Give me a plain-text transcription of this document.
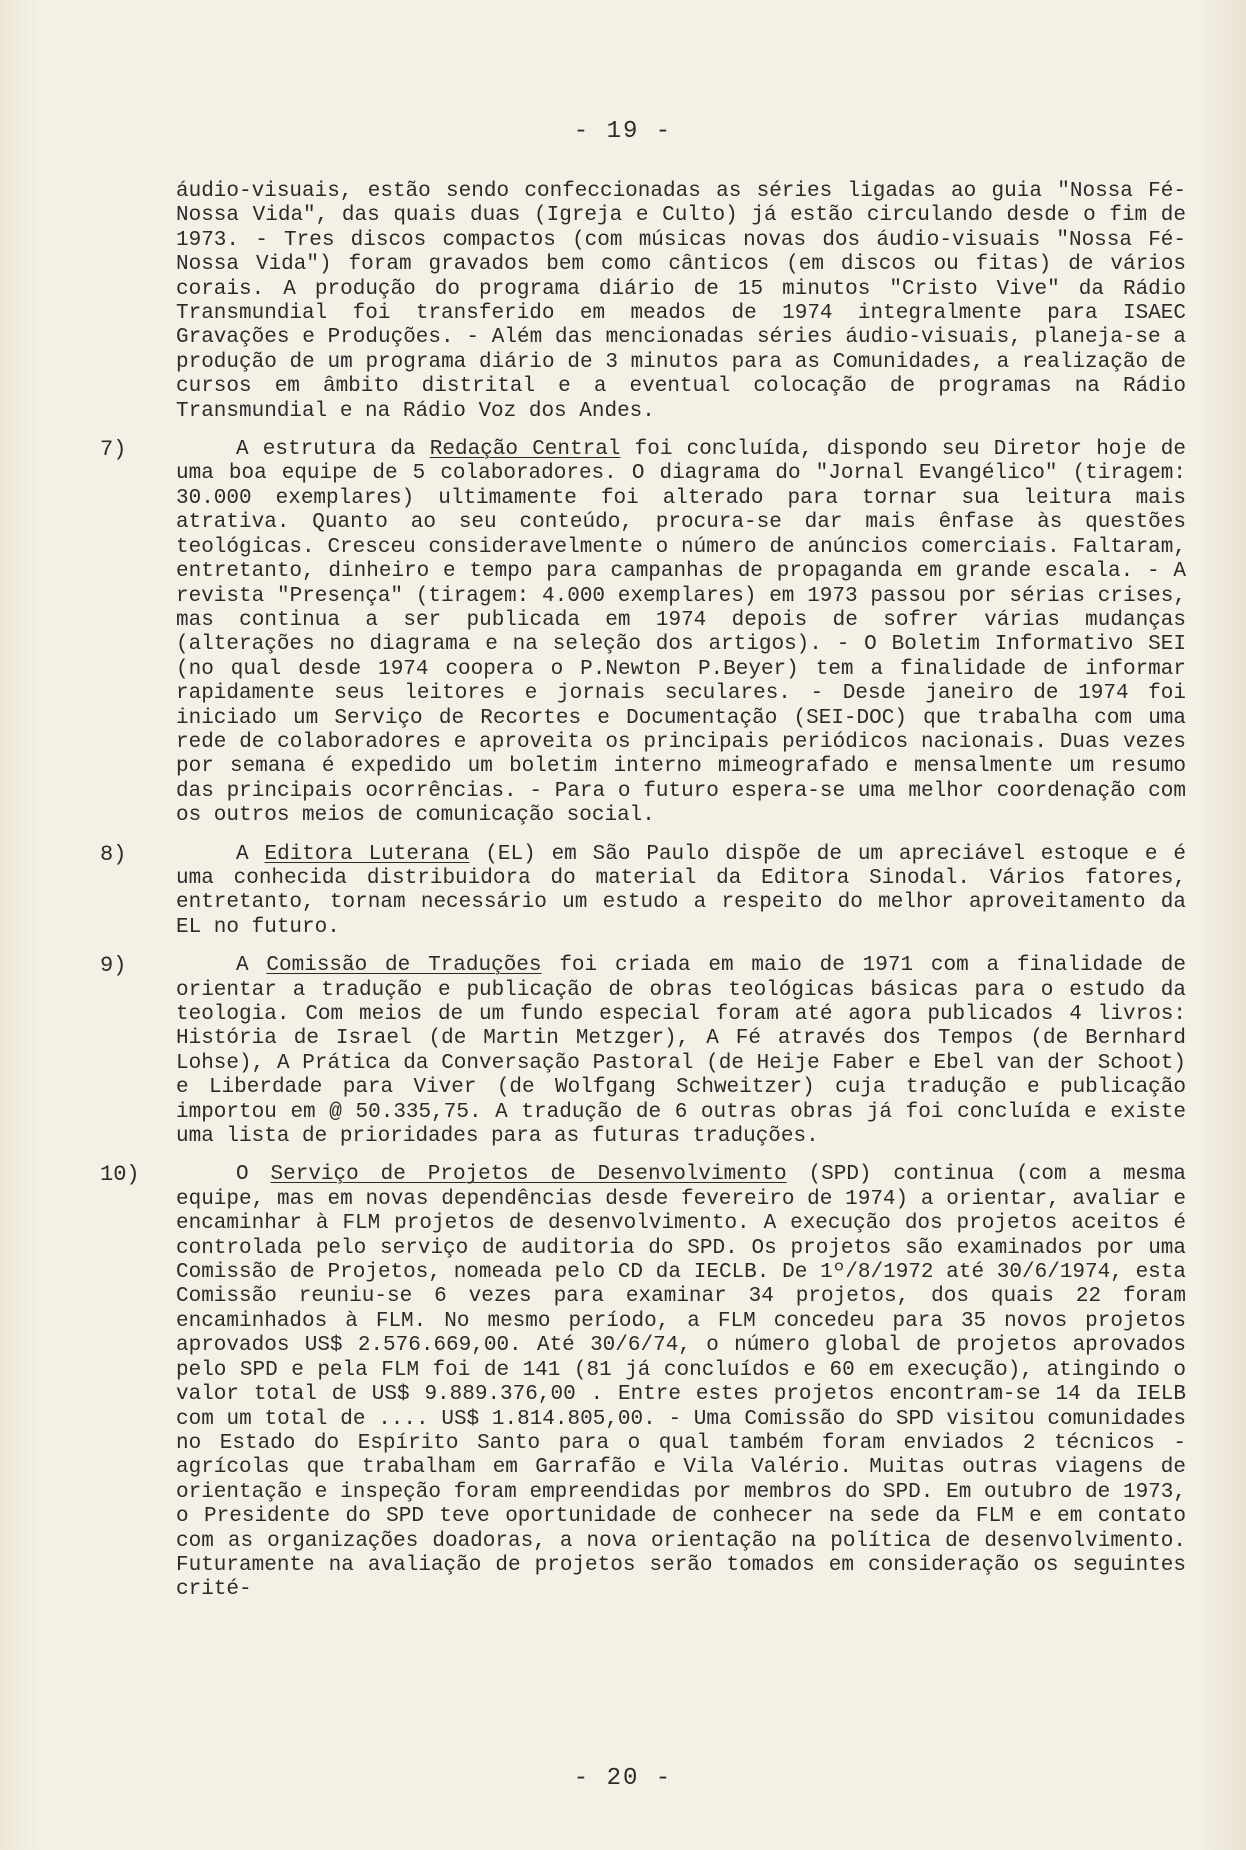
- 19 -
áudio-visuais, estão sendo confeccionadas as séries ligadas ao guia "Nossa Fé-Nossa Vida", das quais duas (Igreja e Culto) já estão circulando desde o fim de 1973. - Tres discos compactos (com músicas novas dos áudio-visuais "Nossa Fé-Nossa Vida") foram gravados bem como cânticos (em discos ou fitas) de vários corais. A produção do programa diário de 15 minutos "Cristo Vive" da Rádio Transmundial foi transferido em meados de 1974 integralmente para ISAEC Gravações e Produções. - Além das mencionadas séries áudio-visuais, planeja-se a produção de um programa diário de 3 minutos para as Comunidades, a realização de cursos em âmbito distrital e a eventual colocação de programas na Rádio Transmundial e na Rádio Voz dos Andes.
7)	A estrutura da Redação Central foi concluída, dispondo seu Diretor hoje de uma boa equipe de 5 colaboradores. O diagrama do "Jornal Evangélico" (tiragem: 30.000 exemplares) ultimamente foi alterado para tornar sua leitura mais atrativa. Quanto ao seu conteúdo, procura-se dar mais ênfase às questões teológicas. Cresceu consideravelmente o número de anúncios comerciais. Faltaram, entretanto, dinheiro e tempo para campanhas de propaganda em grande escala. - A revista "Presença" (tiragem: 4.000 exemplares) em 1973 passou por sérias crises, mas continua a ser publicada em 1974 depois de sofrer várias mudanças (alterações no diagrama e na seleção dos artigos). - O Boletim Informativo SEI (no qual desde 1974 coopera o P.Newton P.Beyer) tem a finalidade de informar rapidamente seus leitores e jornais seculares. - Desde janeiro de 1974 foi iniciado um Serviço de Recortes e Documentação (SEI-DOC) que trabalha com uma rede de colaboradores e aproveita os principais periódicos nacionais. Duas vezes por semana é expedido um boletim interno mimeografado e mensalmente um resumo das principais ocorrências. - Para o futuro espera-se uma melhor coordenação com os outros meios de comunicação social.
8)	A Editora Luterana (EL) em São Paulo dispõe de um apreciável estoque e é uma conhecida distribuidora do material da Editora Sinodal. Vários fatores, entretanto, tornam necessário um estudo a respeito do melhor aproveitamento da EL no futuro.
9)	A Comissão de Traduções foi criada em maio de 1971 com a finalidade de orientar a tradução e publicação de obras teológicas básicas para o estudo da teologia. Com meios de um fundo especial foram até agora publicados 4 livros: História de Israel (de Martin Metzger), A Fé através dos Tempos (de Bernhard Lohse), A Prática da Conversação Pastoral (de Heije Faber e Ebel van der Schoot) e Liberdade para Viver (de Wolfgang Schweitzer) cuja tradução e publicação importou em @ 50.335,75. A tradução de 6 outras obras já foi concluída e existe uma lista de prioridades para as futuras traduções.
10)	O Serviço de Projetos de Desenvolvimento (SPD) continua (com a mesma equipe, mas em novas dependências desde fevereiro de 1974) a orientar, avaliar e encaminhar à FLM projetos de desenvolvimento. A execução dos projetos aceitos é controlada pelo serviço de auditoria do SPD. Os projetos são examinados por uma Comissão de Projetos, nomeada pelo CD da IECLB. De 1º/8/1972 até 30/6/1974, esta Comissão reuniu-se 6 vezes para examinar 34 projetos, dos quais 22 foram encaminhados à FLM. No mesmo período, a FLM concedeu para 35 novos projetos aprovados US$ 2.576.669,00. Até 30/6/74, o número global de projetos aprovados pelo SPD e pela FLM foi de 141 (81 já concluídos e 60 em execução), atingindo o valor total de US$ 9.889.376,00 . Entre estes projetos encontram-se 14 da IELB com um total de .... US$ 1.814.805,00. - Uma Comissão do SPD visitou comunidades no Estado do Espírito Santo para o qual também foram enviados 2 técnicos - agrícolas que trabalham em Garrafão e Vila Valério. Muitas outras viagens de orientação e inspeção foram empreendidas por membros do SPD. Em outubro de 1973, o Presidente do SPD teve oportunidade de conhecer na sede da FLM e em contato com as organizações doadoras, a nova orientação na política de desenvolvimento. Futuramente na avaliação de projetos serão tomados em consideração os seguintes crité-
- 20 -
